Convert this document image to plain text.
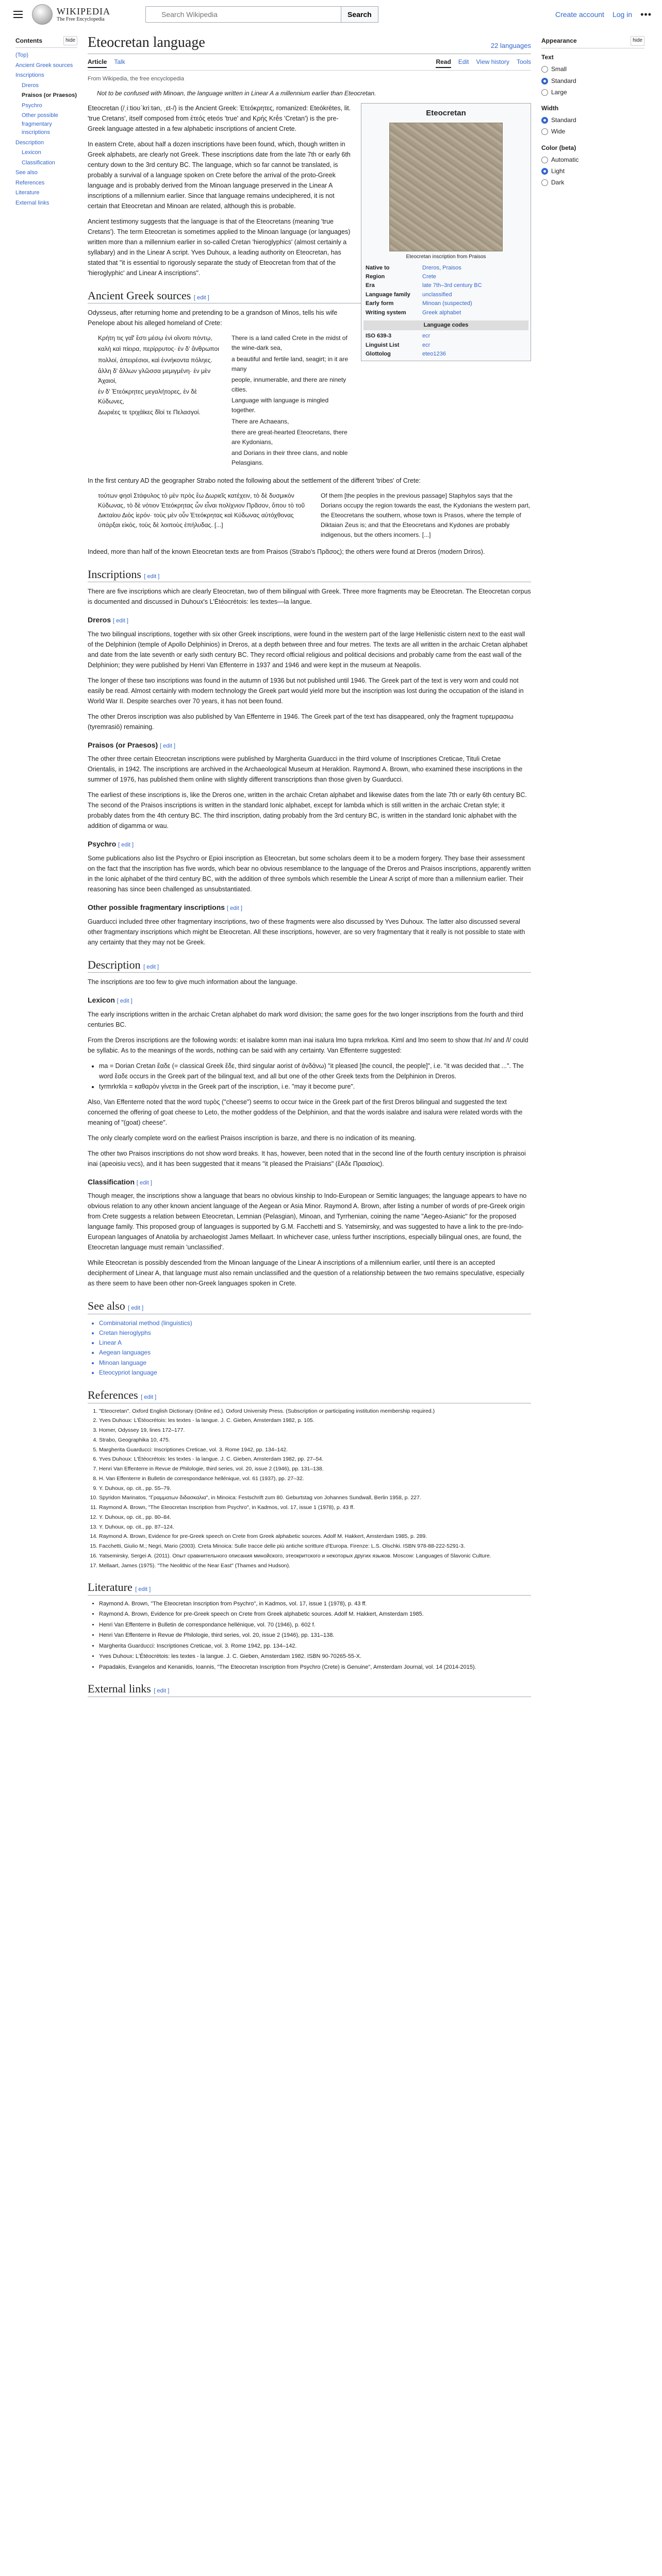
WIKIPEDIA
The Free Encyclopedia
Search Wikipedia
Search	Create account Log in •••
Contents	hide
(Top)
Ancient Greek sources
Inscriptions
Dreros
Praisos (or Praesos)
Psychro
Other possible fragmentary inscriptions
Description
Lexicon
Classification
See also
References
Literature
External links
Appearance	hide
Text
Small
Standard
Large
Width
Standard
Wide
Color (beta)
Automatic
Light
Dark
Eteocretan language	22 languages
Article Talk	Read Edit View history Tools
From Wikipedia, the free encyclopedia
Not to be confused with Minoan, the language written in Linear A a millennium earlier than Eteocretan.
Eteocretan
Eteocretan inscription from Praisos
Native to	Dreros, Praisos
Region	Crete
Era	late 7th–3rd century BC
Language family	unclassified
Early form	Minoan (suspected)
Writing system	Greek alphabet
Language codes
ISO 639-3	ecr
Linguist List	ecr
Glottolog	eteo1236

Eteocretan (/ˌiːtioʊˈkriːtən, ˌɛt-/) is the Ancient Greek: Ἐτεόκρητες, romanized: Eteókrētes, lit. 'true Cretans', itself composed from ἐτεός eteós 'true' and Κρής Krḗs 'Cretan') is the pre-Greek language attested in a few alphabetic inscriptions of ancient Crete.

In eastern Crete, about half a dozen inscriptions have been found, which, though written in Greek alphabets, are clearly not Greek. These inscriptions date from the late 7th or early 6th century down to the 3rd century BC. The language, which so far cannot be translated, is probably a survival of a language spoken on Crete before the arrival of the proto-Greek language and is probably derived from the Minoan language preserved in the Linear A inscriptions of a millennium earlier. Since that language remains undeciphered, it is not certain that Eteocretan and Minoan are related, although this is probable.

Ancient testimony suggests that the language is that of the Eteocretans (meaning 'true Cretans'). The term Eteocretan is sometimes applied to the Minoan language (or languages) written more than a millennium earlier in so-called Cretan 'hieroglyphics' (almost certainly a syllabary) and in the Linear A script. Yves Duhoux, a leading authority on Eteocretan, has stated that "it is essential to rigorously separate the study of Eteocretan from that of the 'hieroglyphic' and Linear A inscriptions".

Ancient Greek sources [ edit ]

Odysseus, after returning home and pretending to be a grandson of Minos, tells his wife Penelope about his alleged homeland of Crete:

Κρήτη τις γαῖ' ἔστι μέσῳ ἐνὶ οἴνοπι πόντῳ,
καλὴ καὶ πίειρα, περίρρυτος· ἐν δ' ἄνθρωποι
πολλοί, ἀπειρέσιοι, καὶ ἐννήκοντα πόληες.
ἄλλη δ' ἄλλων γλῶσσα μεμιγμένη· ἐν μὲν Ἀχαιοί,
ἐν δ' Ἐτεόκρητες μεγαλήτορες, ἐν δὲ Κύδωνες,
Δωριέες τε τριχάϊκες δῖοί τε Πελασγοί.
There is a land called Crete in the midst of the wine-dark sea,
a beautiful and fertile land, seagirt; in it are many
people, innumerable, and there are ninety cities.
Language with language is mingled together.
There are Achaeans,
there are great-hearted Eteocretans, there are Kydonians,
and Dorians in their three clans, and noble Pelasgians.

In the first century AD the geographer Strabo noted the following about the settlement of the different 'tribes' of Crete:

τούτων φησὶ Στάφυλος τὸ μὲν πρὸς ἕω Δωριεῖς κατέχειν, τὸ δὲ δυσμικὸν Κύδωνας, τὸ δὲ νότιον Ἐτεόκρητας ὧν εἶναι πολίχνιον Πρᾶσον, ὅπου τὸ τοῦ Δικταίου Διὸς ἱερόν· τοὺς μὲν οὖν Ἐτεόκρητας καὶ Κύδωνας αὐτόχθονας ὑπάρξαι εἰκός, τοὺς δὲ λοιποὺς ἐπήλυδας. [...]
Of them [the peoples in the previous passage] Staphylos says that the Dorians occupy the region towards the east, the Kydonians the western part, the Eteocretans the southern, whose town is Prasos, where the temple of Diktaian Zeus is; and that the Eteocretans and Kydones are probably indigenous, but the others incomers. [...]

Indeed, more than half of the known Eteocretan texts are from Praisos (Strabo's Πρᾶσος); the others were found at Dreros (modern Driros).

Inscriptions [ edit ]

There are five inscriptions which are clearly Eteocretan, two of them bilingual with Greek. Three more fragments may be Eteocretan. The Eteocretan corpus is documented and discussed in Duhoux's L'Étéocrétois: les textes—la langue.

Dreros [ edit ]

The two bilingual inscriptions, together with six other Greek inscriptions, were found in the western part of the large Hellenistic cistern next to the east wall of the Delphinion (temple of Apollo Delphinios) in Dreros, at a depth between three and four metres. The texts are all written in the archaic Cretan alphabet and date from the late seventh or early sixth century BC. They record official religious and political decisions and probably came from the east wall of the Delphinion; they were published by Henri Van Effenterre in 1937 and 1946 and were kept in the museum at Neapolis.

The longer of these two inscriptions was found in the autumn of 1936 but not published until 1946. The Greek part of the text is very worn and could not easily be read. Almost certainly with modern technology the Greek part would yield more but the inscription was lost during the occupation of the island in World War II. Despite searches over 70 years, it has not been found.

The other Dreros inscription was also published by Van Effenterre in 1946. The Greek part of the text has disappeared, only the fragment τυρεμρασιω (tyremrasiō) remaining.

Praisos (or Praesos) [ edit ]

The other three certain Eteocretan inscriptions were published by Margherita Guarducci in the third volume of Inscriptiones Creticae, Tituli Cretae Orientalis, in 1942. The inscriptions are archived in the Archaeological Museum at Heraklion. Raymond A. Brown, who examined these inscriptions in the summer of 1976, has published them online with slightly different transcriptions than those given by Guarducci.

The earliest of these inscriptions is, like the Dreros one, written in the archaic Cretan alphabet and likewise dates from the late 7th or early 6th century BC. The second of the Praisos inscriptions is written in the standard Ionic alphabet, except for lambda which is still written in the archaic Cretan style; it probably dates from the 4th century BC. The third inscription, dating probably from the 3rd century BC, is written in the standard Ionic alphabet with the addition of digamma or wau.

Psychro [ edit ]

Some publications also list the Psychro or Epioi inscription as Eteocretan, but some scholars deem it to be a modern forgery. They base their assessment on the fact that the inscription has five words, which bear no obvious resemblance to the language of the Dreros and Praisos inscriptions, apparently written in the Ionic alphabet of the third century BC, with the addition of three symbols which resemble the Linear A script of more than a millennium earlier. Their reasoning has since been challenged as unsubstantiated.

Other possible fragmentary inscriptions [ edit ]

Guarducci included three other fragmentary inscriptions, two of these fragments were also discussed by Yves Duhoux. The latter also discussed several other fragmentary inscriptions which might be Eteocretan. All these inscriptions, however, are so very fragmentary that it really is not possible to state with any certainty that they may not be Greek.

Description [ edit ]

The inscriptions are too few to give much information about the language.

Lexicon [ edit ]

The early inscriptions written in the archaic Cretan alphabet do mark word division; the same goes for the two longer inscriptions from the fourth and third centuries BC.

From the Dreros inscriptions are the following words: et isalabre komn man inai isalura lmo tupra mrkrkoa. Kiml and lmo seem to show that /n/ and /l/ could be syllabic. As to the meanings of the words, nothing can be said with any certainty. Van Effenterre suggested:

• ma = Dorian Cretan ἔαδε (= classical Greek ἔδε, third singular aorist of ἁνδάνω) "it pleased [the council, the people]", i.e. "it was decided that ...". The word ἔαδε occurs in the Greek part of the bilingual text, and all but one of the other Greek texts from the Delphinion in Dreros.
• tyrmrkrkla = καθαρὸν γίνεται in the Greek part of the inscription, i.e. "may it become pure".

Also, Van Effenterre noted that the word τυρὸς ("cheese") seems to occur twice in the Greek part of the first Dreros bilingual and suggested the text concerned the offering of goat cheese to Leto, the mother goddess of the Delphinion, and that the words isalabre and isalura were related words with the meaning of "(goat) cheese".

The only clearly complete word on the earliest Praisos inscription is barze, and there is no indication of its meaning.

The other two Praisos inscriptions do not show word breaks. It has, however, been noted that in the second line of the fourth century inscription is phraisoi inai (apeoisiu vecs), and it has been suggested that it means "it pleased the Praisians" (ἔΑδε Πραισίοις).

Classification [ edit ]

Though meager, the inscriptions show a language that bears no obvious kinship to Indo-European or Semitic languages; the language appears to have no obvious relation to any other known ancient language of the Aegean or Asia Minor. Raymond A. Brown, after listing a number of words of pre-Greek origin from Crete suggests a relation between Eteocretan, Lemnian (Pelasgian), Minoan, and Tyrrhenian, coining the name "Aegeo-Asianic" for the proposed language family. This proposed group of languages is supported by G.M. Facchetti and S. Yatsemirsky, and was suggested to have a link to the pre-Indo-European languages of Anatolia by archaeologist James Mellaart. In whichever case, unless further inscriptions, especially bilingual ones, are found, the Eteocretan language must remain 'unclassified'.

While Eteocretan is possibly descended from the Minoan language of the Linear A inscriptions of a millennium earlier, until there is an accepted decipherment of Linear A, that language must also remain unclassified and the question of a relationship between the two remains speculative, especially as there seem to have been other non-Greek languages spoken in Crete.

See also [ edit ]
• Combinatorial method (linguistics)
• Cretan hieroglyphs
• Linear A
• Aegean languages
• Minoan language
• Eteocypriot language
References [ edit ]
1. "Eteocretan". Oxford English Dictionary (Online ed.). Oxford University Press. (Subscription or participating institution membership required.)
2. Yves Duhoux: L'Étéocrétois: les textes - la langue. J. C. Gieben, Amsterdam 1982, p. 105.
3. Homer, Odyssey 19, lines 172–177.
4. Strabo, Geographika 10, 475.
5. Margherita Guarducci: Inscriptiones Creticae, vol. 3. Rome 1942, pp. 134–142.
6. Yves Duhoux: L'Étéocrétois: les textes - la langue. J. C. Gieben, Amsterdam 1982, pp. 27–54.
7. Henri Van Effenterre in Revue de Philologie, third series, vol. 20, issue 2 (1946), pp. 131–138.
8. H. Van Effenterre in Bulletin de correspondance hellénique, vol. 61 (1937), pp. 27–32.
9. Y. Duhoux, op. cit., pp. 55–79.
10. Spyridon Marinatos, "Γραμματων διδασκαλια", in Minoica: Festschrift zum 80. Geburtstag von Johannes Sundwall, Berlin 1958, p. 227.
11. Raymond A. Brown, "The Eteocretan Inscription from Psychro", in Kadmos, vol. 17, issue 1 (1978), p. 43 ff.
12. Y. Duhoux, op. cit., pp. 80–84.
13. Y. Duhoux, op. cit., pp. 87–124.
14. Raymond A. Brown, Evidence for pre-Greek speech on Crete from Greek alphabetic sources. Adolf M. Hakkert, Amsterdam 1985, p. 289.
15. Facchetti, Giulio M.; Negri, Mario (2003). Creta Minoica: Sulle tracce delle più antiche scritture d'Europa. Firenze: L.S. Olschki. ISBN 978-88-222-5291-3.
16. Yatsemirsky, Sergei A. (2011). Опыт сравнительного описания минойского, этеокритского и некоторых других языков. Moscow: Languages of Slavonic Culture.
17. Mellaart, James (1975). "The Neolithic of the Near East" (Thames and Hudson).
Literature [ edit ]
• Raymond A. Brown, "The Eteocretan Inscription from Psychro", in Kadmos, vol. 17, issue 1 (1978), p. 43 ff.
• Raymond A. Brown, Evidence for pre-Greek speech on Crete from Greek alphabetic sources. Adolf M. Hakkert, Amsterdam 1985.
• Henri Van Effenterre in Bulletin de correspondance hellénique, vol. 70 (1946), p. 602 f.
• Henri Van Effenterre in Revue de Philologie, third series, vol. 20, issue 2 (1946), pp. 131–138.
• Margherita Guarducci: Inscriptiones Creticae, vol. 3. Rome 1942, pp. 134–142.
• Yves Duhoux: L'Étéocrétois: les textes - la langue. J. C. Gieben, Amsterdam 1982. ISBN 90-70265-55-X.
• Papadakis, Evangelos and Kenanidis, Ioannis, "The Eteocretan Inscription from Psychro (Crete) is Genuine", Amsterdam Journal, vol. 14 (2014-2015).
External links [ edit ]
